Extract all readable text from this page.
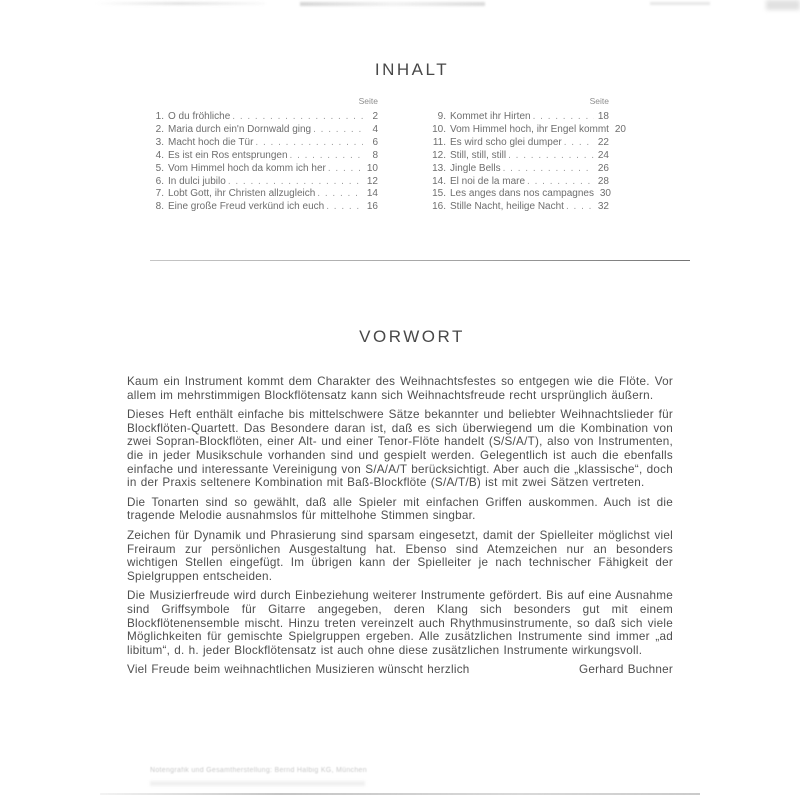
INHALT
Seite
1. O du fröhliche . . .	2
2. Maria durch ein'n Dornwald ging . . .	4
3. Macht hoch die Tür . . .	6
4. Es ist ein Ros entsprungen . . .	8
5. Vom Himmel hoch da komm ich her . . .	10
6. In dulci jubilo . . .	12
7. Lobt Gott, ihr Christen allzugleich . . .	14
8. Eine große Freud verkünd ich euch . . .	16
Seite
9. Kommet ihr Hirten . . .	18
10. Vom Himmel hoch, ihr Engel kommt 20
11. Es wird scho glei dumper . . .	22
12. Still, still, still . . .	24
13. Jingle Bells . . .	26
14. El noi de la mare . . .	28
15. Les anges dans nos campagnes 30
16. Stille Nacht, heilige Nacht . . .	32
VORWORT

Kaum ein Instrument kommt dem Charakter des Weihnachtsfestes so entgegen wie die Flöte. Vor allem im mehrstimmigen Blockflötensatz kann sich Weihnachtsfreude recht ursprünglich äußern.

Dieses Heft enthält einfache bis mittelschwere Sätze bekannter und beliebter Weihnachtslieder für Blockflöten-Quartett. Das Besondere daran ist, daß es sich überwiegend um die Kombination von zwei Sopran-Blockflöten, einer Alt- und einer Tenor-Flöte handelt (S/S/A/T), also von Instrumenten, die in jeder Musikschule vorhanden sind und gespielt werden. Gelegentlich ist auch die ebenfalls einfache und interessante Vereinigung von S/A/A/T berücksichtigt. Aber auch die „klassische“, doch in der Praxis seltenere Kombination mit Baß-Blockflöte (S/A/T/B) ist mit zwei Sätzen vertreten.

Die Tonarten sind so gewählt, daß alle Spieler mit einfachen Griffen auskommen. Auch ist die tragende Melodie ausnahmslos für mittelhohe Stimmen singbar.

Zeichen für Dynamik und Phrasierung sind sparsam eingesetzt, damit der Spielleiter möglichst viel Freiraum zur persönlichen Ausgestaltung hat. Ebenso sind Atemzeichen nur an besonders wichtigen Stellen eingefügt. Im übrigen kann der Spielleiter je nach technischer Fähigkeit der Spielgruppen entscheiden.

Die Musizierfreude wird durch Einbeziehung weiterer Instrumente gefördert. Bis auf eine Ausnahme sind Griffsymbole für Gitarre angegeben, deren Klang sich besonders gut mit einem Blockflötenensemble mischt. Hinzu treten vereinzelt auch Rhythmusinstrumente, so daß sich viele Möglichkeiten für gemischte Spielgruppen ergeben. Alle zusätzlichen Instrumente sind immer „ad libitum“, d. h. jeder Blockflötensatz ist auch ohne diese zusätzlichen Instrumente wirkungsvoll.

Viel Freude beim weihnachtlichen Musizieren wünscht herzlich	Gerhard Buchner
Notengrafik und Gesamtherstellung: Bernd Halbig KG, München
